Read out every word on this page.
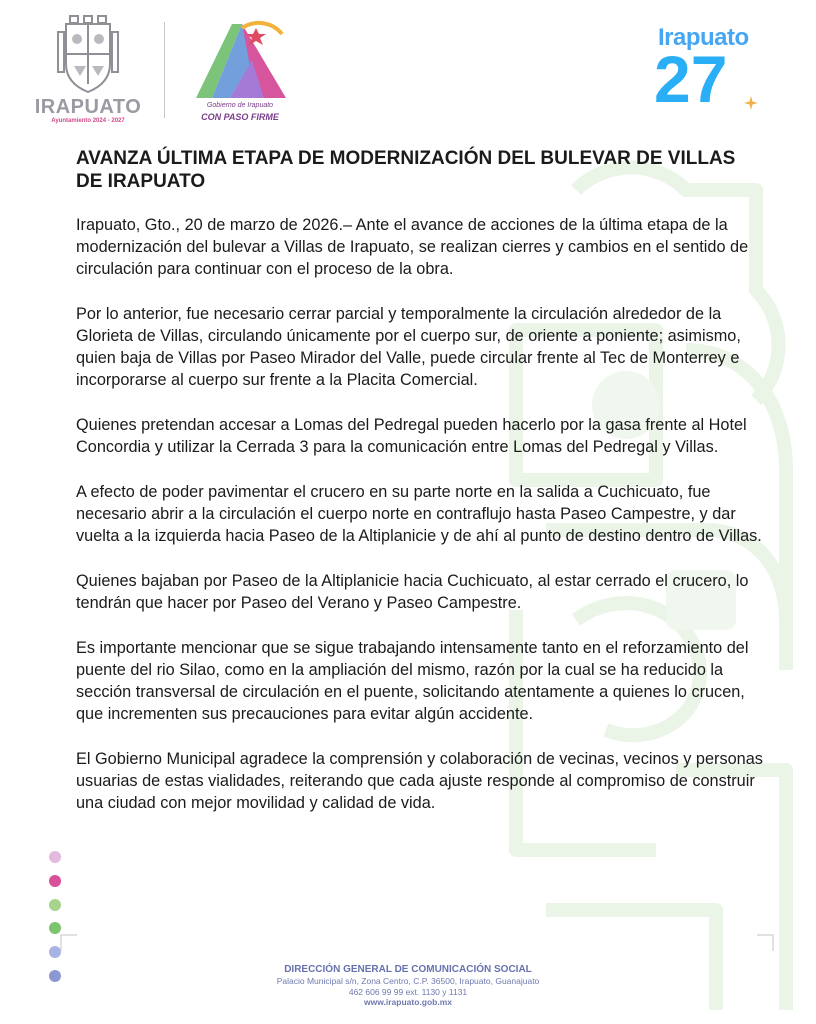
IRAPUATO
Ayuntamiento 2024 - 2027
Gobierno de Irapuato
CON PASO FIRME
Irapuato
27
AVANZA ÚLTIMA ETAPA DE MODERNIZACIÓN DEL BULEVAR DE VILLAS DE IRAPUATO

Irapuato, Gto., 20 de marzo de 2026.– Ante el avance de acciones de la última etapa de la modernización del bulevar a Villas de Irapuato, se realizan cierres y cambios en el sentido de circulación para continuar con el proceso de la obra.

Por lo anterior, fue necesario cerrar parcial y temporalmente la circulación alrededor de la Glorieta de Villas, circulando únicamente por el cuerpo sur, de oriente a poniente; asimismo, quien baja de Villas por Paseo Mirador del Valle, puede circular frente al Tec de Monterrey e incorporarse al cuerpo sur frente a la Placita Comercial.

Quienes pretendan accesar a Lomas del Pedregal pueden hacerlo por la gasa frente al Hotel Concordia y utilizar la Cerrada 3 para la comunicación entre Lomas del Pedregal y Villas.

A efecto de poder pavimentar el crucero en su parte norte en la salida a Cuchicuato, fue necesario abrir a la circulación el cuerpo norte en contraflujo hasta Paseo Campestre, y dar vuelta a la izquierda hacia Paseo de la Altiplanicie y de ahí al punto de destino dentro de Villas.

Quienes bajaban por Paseo de la Altiplanicie hacia Cuchicuato, al estar cerrado el crucero, lo tendrán que hacer por Paseo del Verano y Paseo Campestre.

Es importante mencionar que se sigue trabajando intensamente tanto en el reforzamiento del puente del rio Silao, como en la ampliación del mismo, razón por la cual se ha reducido la sección transversal de circulación en el puente, solicitando atentamente a quienes lo crucen, que incrementen sus precauciones para evitar algún accidente.

El Gobierno Municipal agradece la comprensión y colaboración de vecinas, vecinos y personas usuarias de estas vialidades, reiterando que cada ajuste responde al compromiso de construir una ciudad con mejor movilidad y calidad de vida.

DIRECCIÓN GENERAL DE COMUNICACIÓN SOCIAL
Palacio Municipal s/n, Zona Centro, C.P. 36500, Irapuato, Guanajuato
462 606 99 99 ext. 1130 y 1131
www.irapuato.gob.mx
